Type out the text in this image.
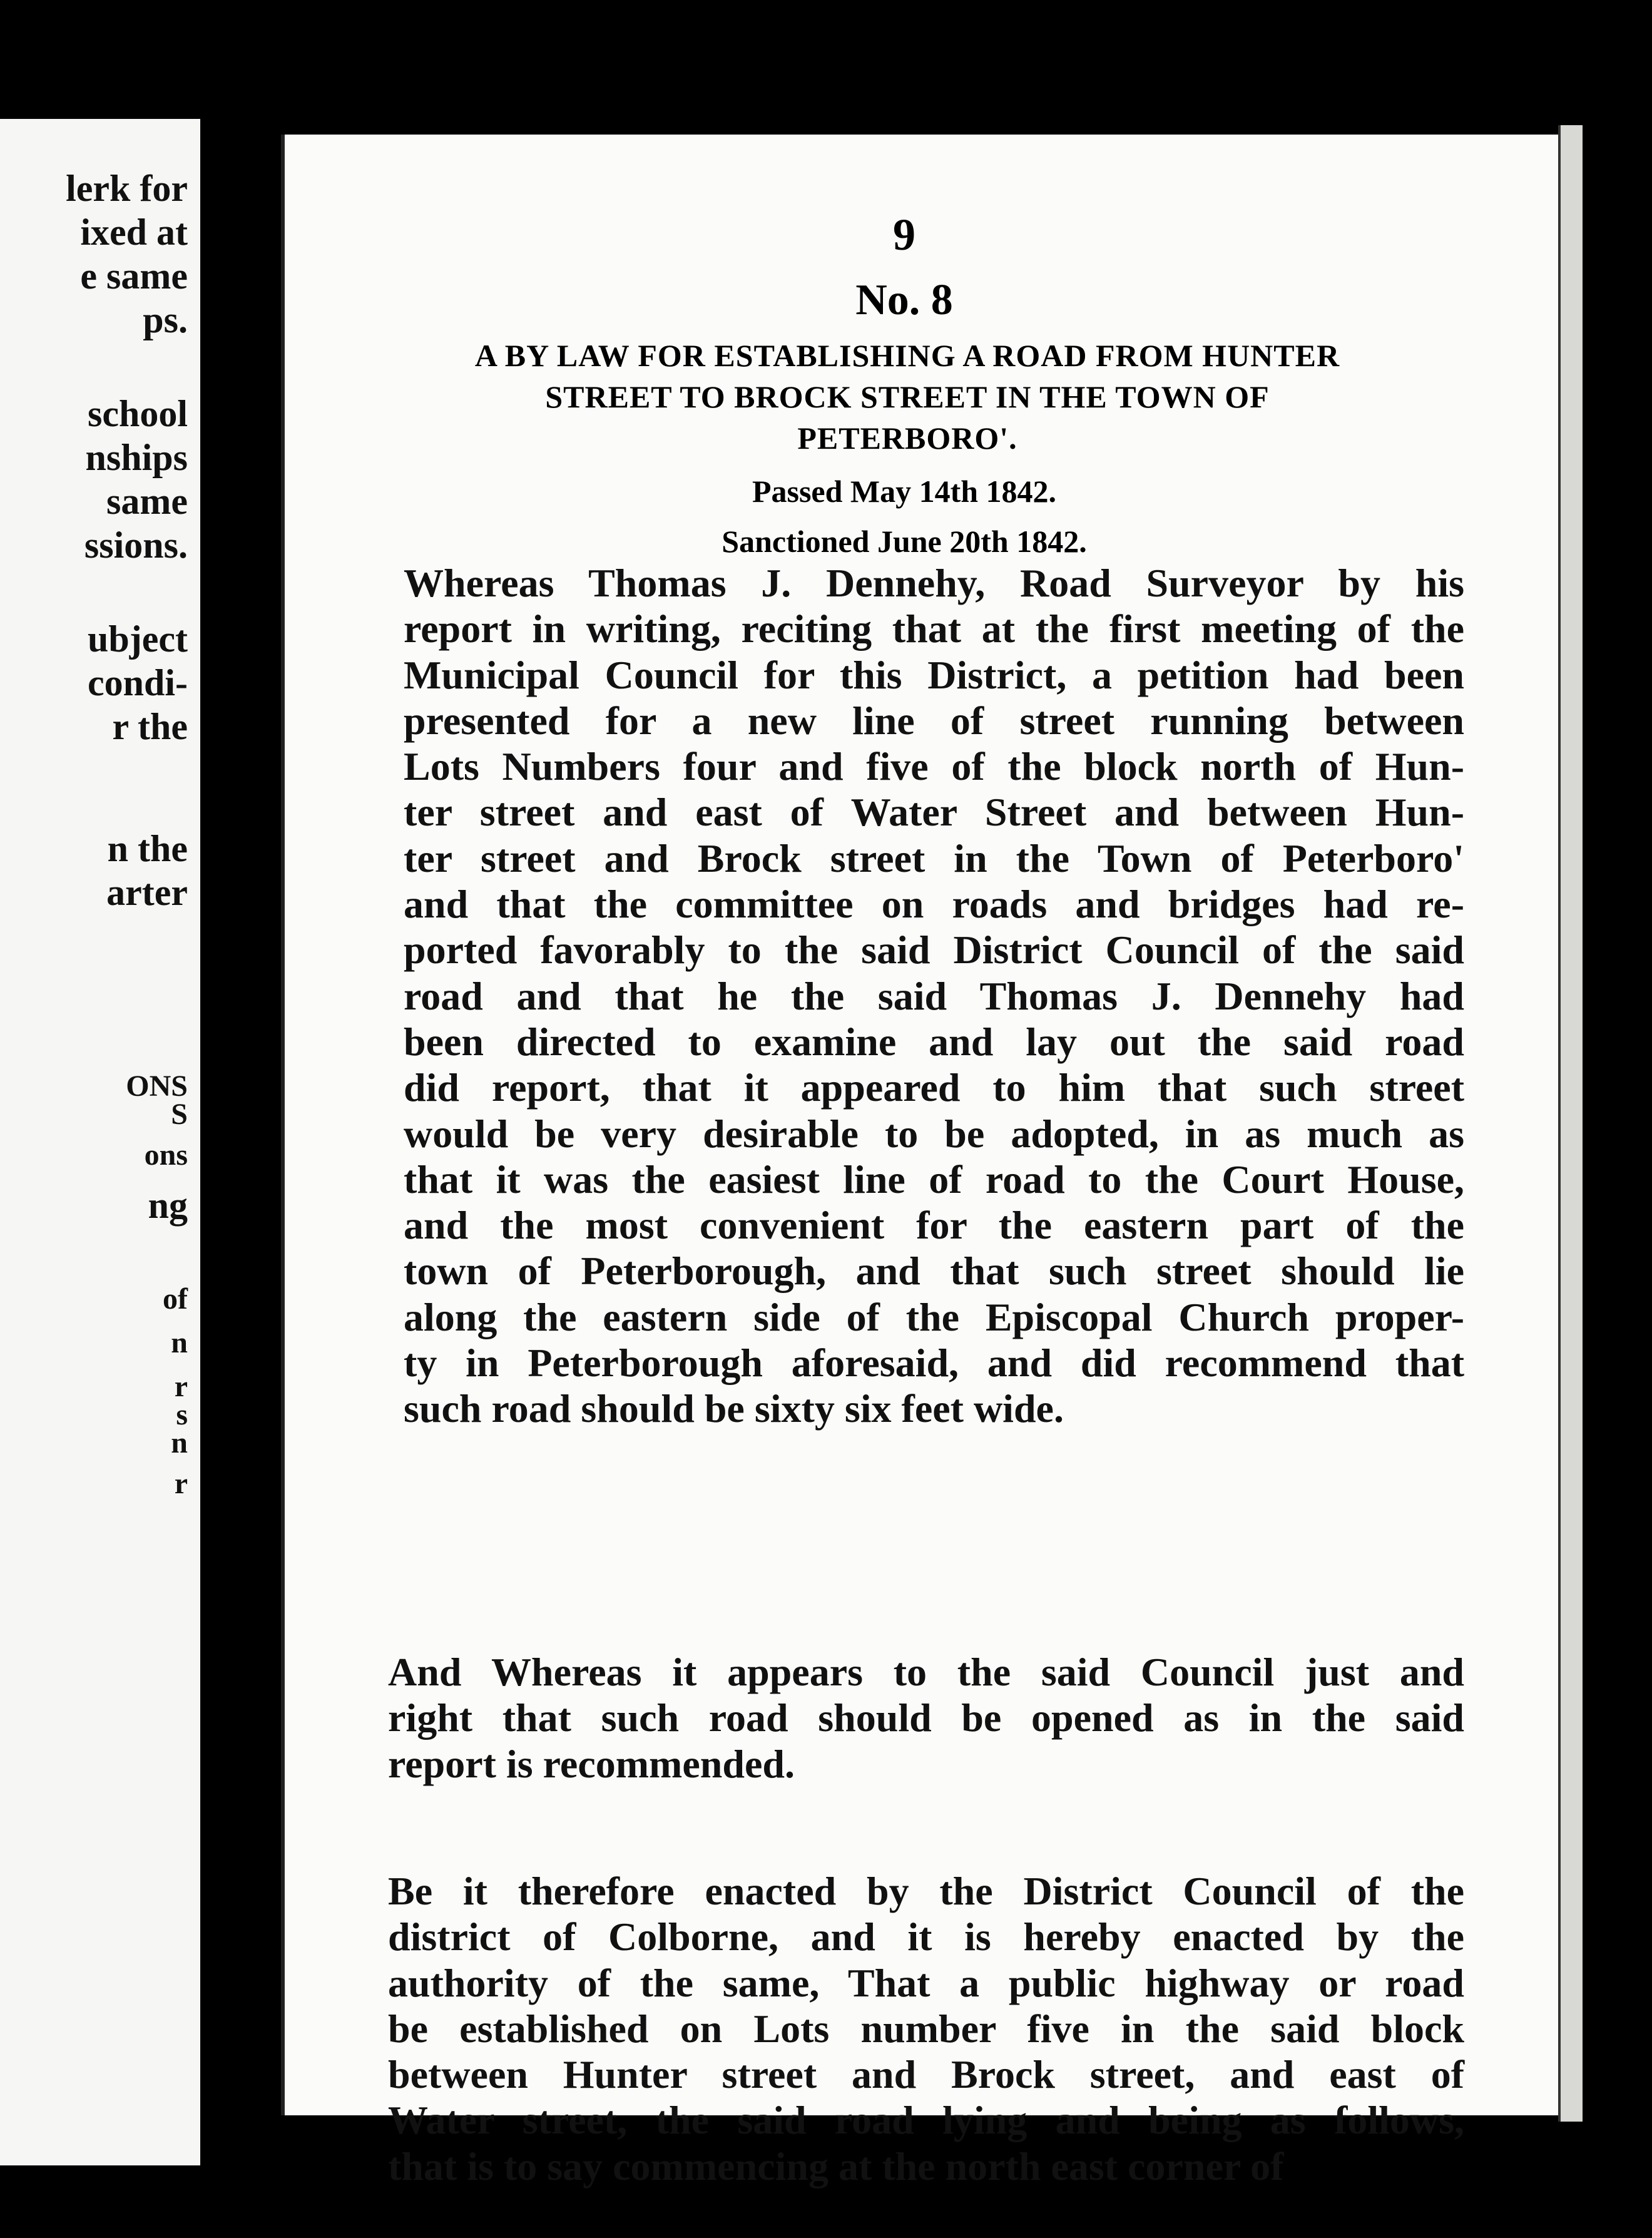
lerk for

ixed at

e same

ps.

school

nships

same

ssions.

ubject

condi-

r the

n the

arter

ONS

S

ons

ng

of

n

r

s

n

r

9

No. 8

A BY LAW FOR ESTABLISHING A ROAD FROM HUNTER
STREET TO BROCK STREET IN THE TOWN OF
PETERBORO'.

Passed May 14th 1842.

Sanctioned June 20th 1842.

Whereas Thomas J. Dennehy, Road Surveyor by his
report in writing, reciting that at the first meeting of the
Municipal Council for this District, a petition had been
presented for a new line of street running between
Lots Numbers four and five of the block north of Hun-
ter street and east of Water Street and between Hun-
ter street and Brock street in the Town of Peterboro'
and that the committee on roads and bridges had re-
ported favorably to the said District Council of the said
road and that he the said Thomas J. Dennehy had
been directed to examine and lay out the said road
did report, that it appeared to him that such street
would be very desirable to be adopted, in as much as
that it was the easiest line of road to the Court House,
and the most convenient for the eastern part of the
town of Peterborough, and that such street should lie
along the eastern side of the Episcopal Church proper-
ty in Peterborough aforesaid, and did recommend that
such road should be sixty six feet wide.
And Whereas it appears to the said Council just and
right that such road should be opened as in the said
report is recommended.
Be it therefore enacted by the District Council of the
district of Colborne, and it is hereby enacted by the
authority of the same, That a public highway or road
be established on Lots number five in the said block
between Hunter street and Brock street, and east of
Water street, the said road lying and being as follows,
that is to say commencing at the north east corner of
